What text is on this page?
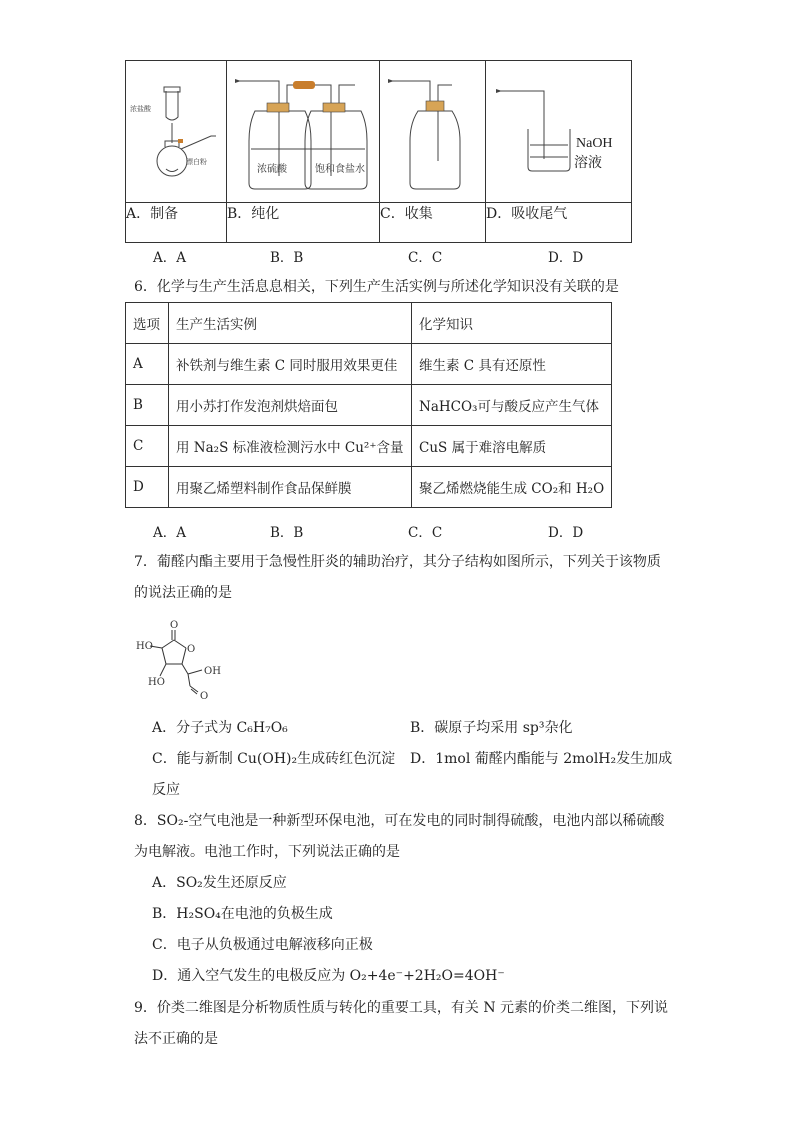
浓盐酸
漂白粉	浓硫酸 饱和食盐水		NaOH
溶液

A．制备	B．纯化	C．收集	D．吸收尾气
A．A	B．B	C．C	D．D
6．化学与生产生活息息相关，下列生产生活实例与所述化学知识没有关联的是
选项	生产生活实例	化学知识
A	补铁剂与维生素 C 同时服用效果更佳	维生素 C 具有还原性
B	用小苏打作发泡剂烘焙面包	NaHCO₃可与酸反应产生气体
C	用 Na₂S 标准液检测污水中 Cu²⁺含量	CuS 属于难溶电解质
D	用聚乙烯塑料制作食品保鲜膜	聚乙烯燃烧能生成 CO₂和 H₂O
A．A	B．B	C．C	D．D
7．葡醛内酯主要用于急慢性肝炎的辅助治疗，其分子结构如图所示，下列关于该物质
的说法正确的是
O
O
HO
OH
HO
O
A．分子式为 C₆H₇O₆	B．碳原子均采用 sp³杂化
C．能与新制 Cu(OH)₂生成砖红色沉淀 D．1mol 葡醛内酯能与 2molH₂发生加成
反应
8．SO₂-空气电池是一种新型环保电池，可在发电的同时制得硫酸，电池内部以稀硫酸
为电解液。电池工作时，下列说法正确的是
A．SO₂发生还原反应
B．H₂SO₄在电池的负极生成
C．电子从负极通过电解液移向正极
D．通入空气发生的电极反应为 O₂+4e⁻+2H₂O=4OH⁻
9．价类二维图是分析物质性质与转化的重要工具，有关 N 元素的价类二维图，下列说
法不正确的是
